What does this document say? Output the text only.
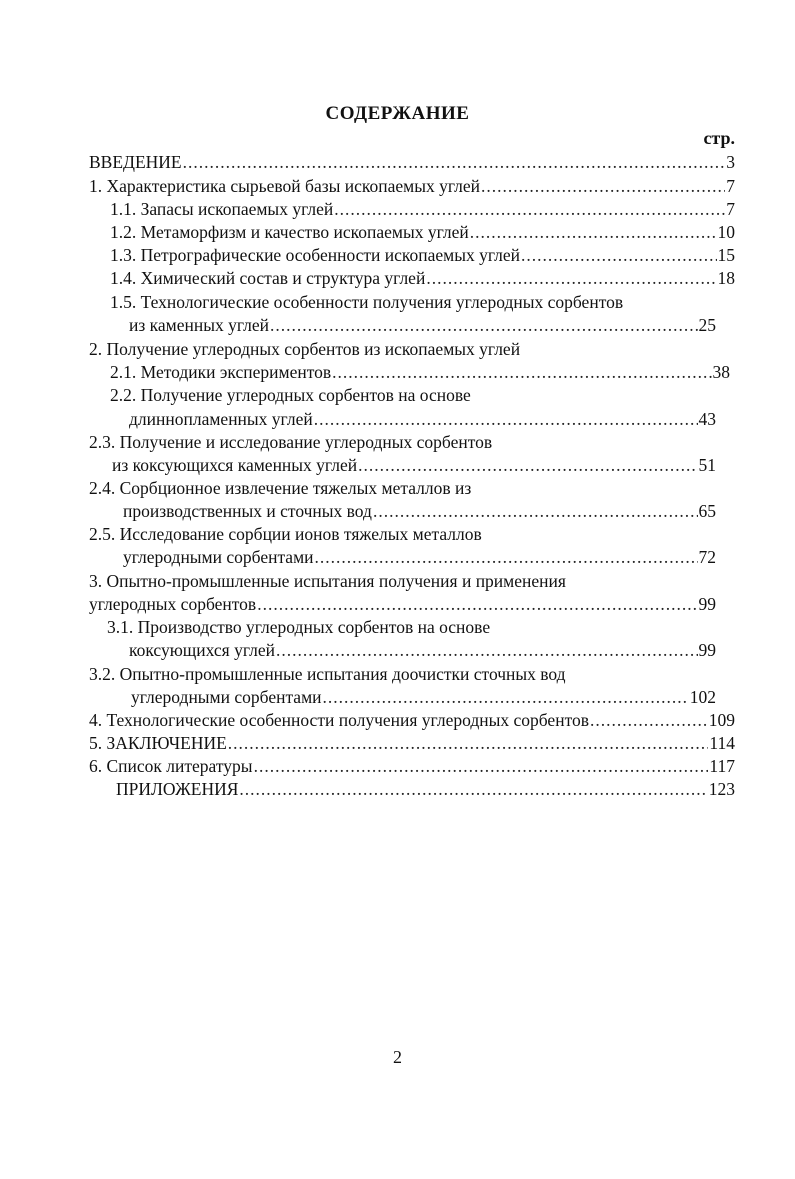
СОДЕРЖАНИЕ
стр.
ВВЕДЕНИЕ .....	3
1. Характеристика сырьевой базы ископаемых углей .....	7
1.1. Запасы ископаемых углей .....	7
1.2. Метаморфизм и качество ископаемых углей .....	10
1.3. Петрографические особенности ископаемых углей .....	15
1.4. Химический состав и структура углей .....	18
1.5. Технологические особенности получения углеродных сорбентов
из каменных углей .....	25
2. Получение углеродных сорбентов из ископаемых углей
2.1. Методики экспериментов .....	38
2.2. Получение углеродных сорбентов на основе
длиннопламенных углей .....	43
2.3. Получение и исследование углеродных сорбентов
из коксующихся каменных углей .....	51
2.4. Сорбционное извлечение тяжелых металлов из
производственных и сточных вод .....	65
2.5. Исследование сорбции ионов тяжелых металлов
углеродными сорбентами .....	72
3. Опытно-промышленные испытания получения и применения
углеродных сорбентов .....	99
3.1. Производство углеродных сорбентов на основе
коксующихся углей .....	99
3.2. Опытно-промышленные испытания доочистки сточных вод
углеродными сорбентами .....	102
4. Технологические особенности получения углеродных сорбентов .....	109
5. ЗАКЛЮЧЕНИЕ .....	114
6. Список литературы .....	117
ПРИЛОЖЕНИЯ .....	123
2
